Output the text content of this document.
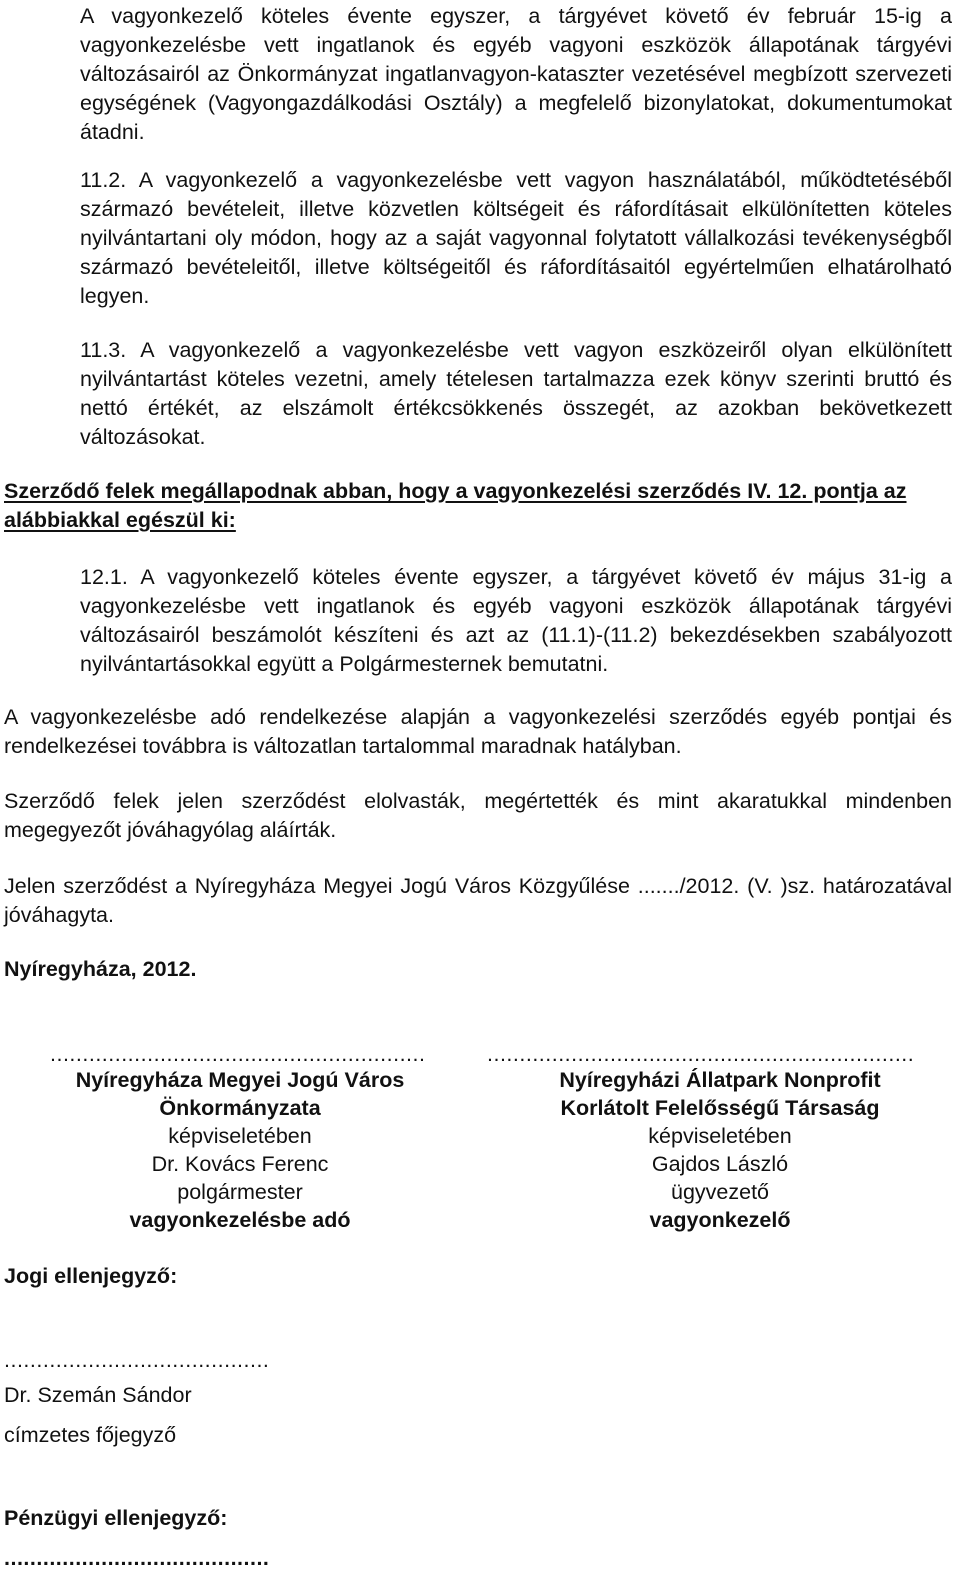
A vagyonkezelő köteles évente egyszer, a tárgyévet követő év február 15-ig a vagyonkezelésbe vett ingatlanok és egyéb vagyoni eszközök állapotának tárgyévi változásairól az Önkormányzat ingatlanvagyon-kataszter vezetésével megbízott szervezeti egységének (Vagyongazdálkodási Osztály) a megfelelő bizonylatokat, dokumentumokat átadni.

11.2. A vagyonkezelő a vagyonkezelésbe vett vagyon használatából, működtetéséből származó bevételeit, illetve közvetlen költségeit és ráfordításait elkülönítetten köteles nyilvántartani oly módon, hogy az a saját vagyonnal folytatott vállalkozási tevékenységből származó bevételeitől, illetve költségeitől és ráfordításaitól egyértelműen elhatárolható legyen.

11.3. A vagyonkezelő a vagyonkezelésbe vett vagyon eszközeiről olyan elkülönített nyilvántartást köteles vezetni, amely tételesen tartalmazza ezek könyv szerinti bruttó és nettó értékét, az elszámolt értékcsökkenés összegét, az azokban bekövetkezett változásokat.

Szerződő felek megállapodnak abban, hogy a vagyonkezelési szerződés IV. 12. pontja az alábbiakkal egészül ki:

12.1. A vagyonkezelő köteles évente egyszer, a tárgyévet követő év május 31-ig a vagyonkezelésbe vett ingatlanok és egyéb vagyoni eszközök állapotának tárgyévi változásairól beszámolót készíteni és azt az (11.1)-(11.2) bekezdésekben szabályozott nyilvántartásokkal együtt a Polgármesternek bemutatni.

A vagyonkezelésbe adó rendelkezése alapján a vagyonkezelési szerződés egyéb pontjai és rendelkezései továbbra is változatlan tartalommal maradnak hatályban.

Szerződő felek jelen szerződést elolvasták, megértették és mint akaratukkal mindenben megegyezőt jóváhagyólag aláírták.

Jelen szerződést a Nyíregyháza Megyei Jogú Város Közgyűlése ......./2012. (V. )sz. határozatával jóváhagyta.

Nyíregyháza, 2012.

..........................................................
Nyíregyháza Megyei Jogú Város
Önkormányzata
képviseletében
Dr. Kovács Ferenc
polgármester
vagyonkezelésbe adó
..................................................................
Nyíregyházi Állatpark Nonprofit
Korlátolt Felelősségű Társaság
képviseletében
Gajdos László
ügyvezető
vagyonkezelő

Jogi ellenjegyző:

.........................................

Dr. Szemán Sándor

címzetes főjegyző

Pénzügyi ellenjegyző:

.........................................
